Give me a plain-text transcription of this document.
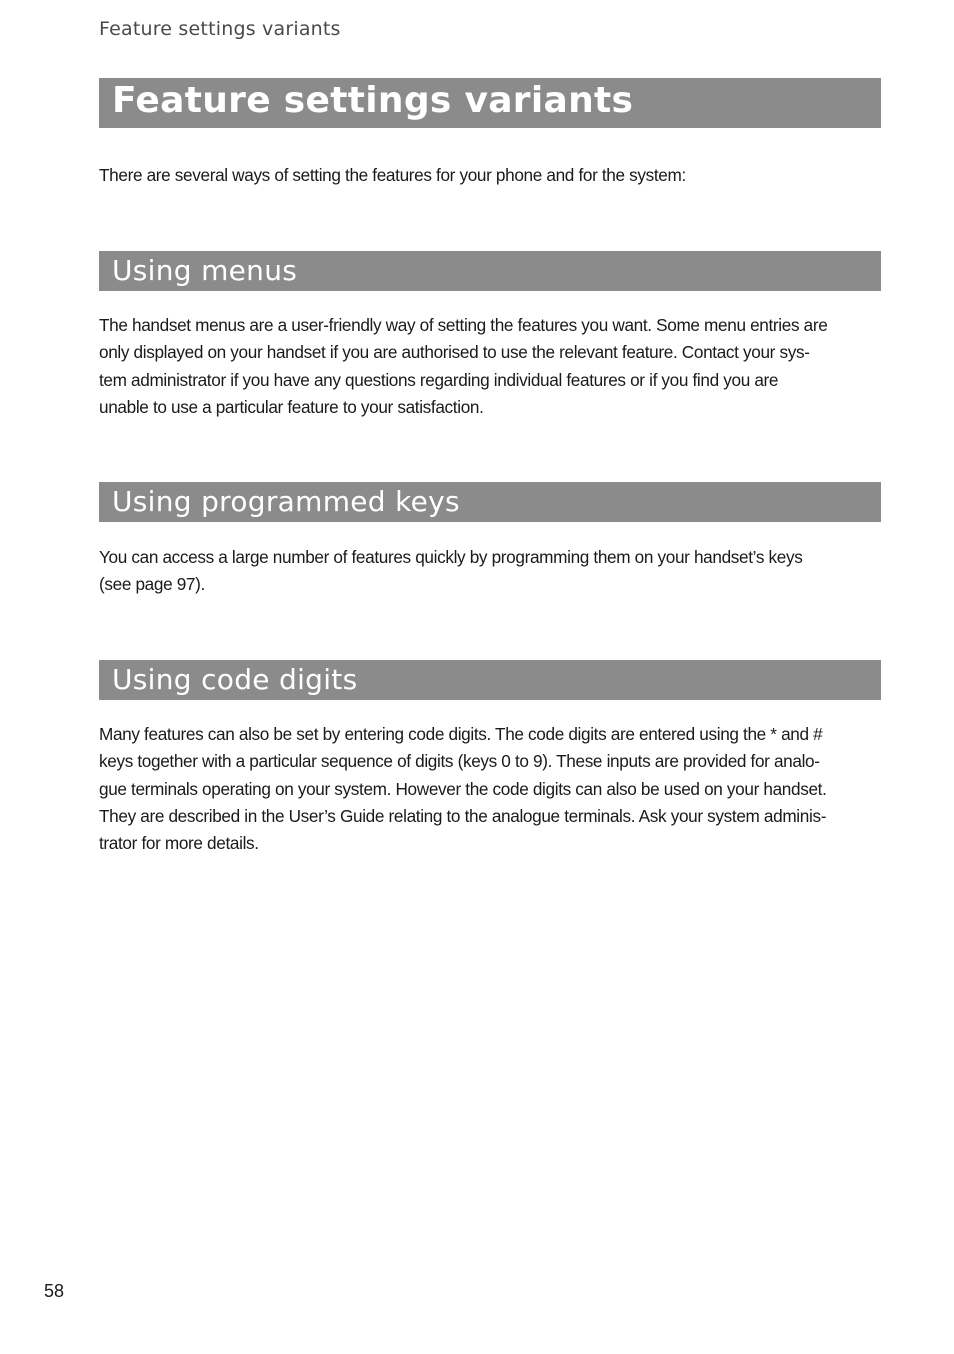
Feature settings variants
Feature settings variants

There are several ways of setting the features for your phone and for the system:

Using menus

The handset menus are a user-friendly way of setting the features you want. Some menu entries are
only displayed on your handset if you are authorised to use the relevant feature. Contact your sys-
tem administrator if you have any questions regarding individual features or if you find you are
unable to use a particular feature to your satisfaction.

Using programmed keys

You can access a large number of features quickly by programming them on your handset’s keys
(see page 97).

Using code digits

Many features can also be set by entering code digits. The code digits are entered using the * and #
keys together with a particular sequence of digits (keys 0 to 9). These inputs are provided for analo-
gue terminals operating on your system. However the code digits can also be used on your handset.
They are described in the User’s Guide relating to the analogue terminals. Ask your system adminis-
trator for more details.

58
